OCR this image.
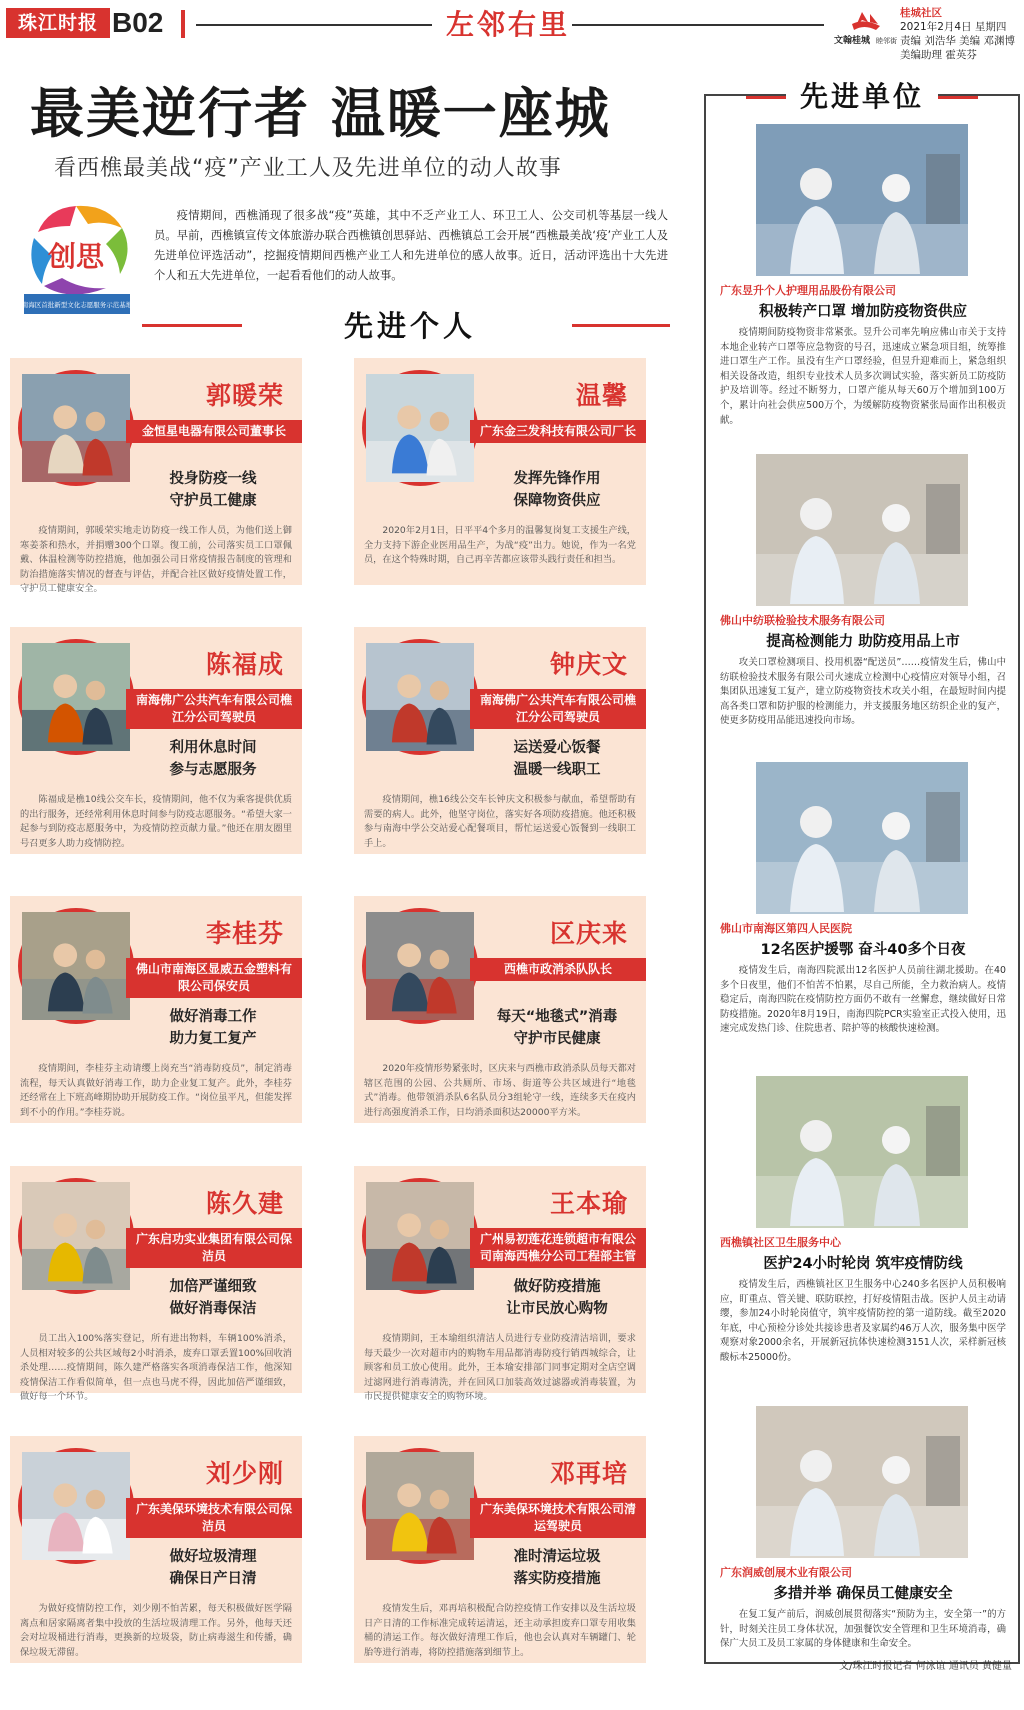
珠江时报 B02	左邻右里	文翰桂城 睦邻街
桂城社区
2021年2月4日 星期四
责编 刘浩华 美编 邓渊博
美编助理 霍英芬
最美逆行者 温暖一座城
看西樵最美战“疫”产业工人及先进单位的动人故事
创思
南海区首批新型文化志愿服务示范基地

疫情期间，西樵涌现了很多战“疫”英雄，其中不乏产业工人、环卫工人、公交司机等基层一线人员。早前，西樵镇宣传文体旅游办联合西樵镇创思驿站、西樵镇总工会开展“西樵最美战‘疫’产业工人及先进单位评选活动”，挖掘疫情期间西樵产业工人和先进单位的感人故事。近日，活动评选出十大先进个人和五大先进单位，一起看看他们的动人故事。

先进个人
郭暖荣
金恒星电器有限公司董事长
投身防疫一线
守护员工健康

疫情期间，郭暖荣实地走访防疫一线工作人员，为他们送上御寒姜茶和热水，并捐赠300个口罩。復工前，公司落实员工口罩佩戴、体温检测等防控措施，他加强公司日常疫情报告制度的管理和防治措施落实情况的督查与评估，并配合社区做好疫情处置工作，守护员工健康安全。

温馨
广东金三发科技有限公司厂长
发挥先锋作用
保障物资供应

2020年2月1日，日平平4个多月的温馨复岗复工支援生产线，全力支持下游企业医用品生产，为战“疫”出力。她说，作为一名党员，在这个特殊时期，自己再辛苦都应该带头践行责任和担当。

陈福成
南海佛广公共汽车有限公司樵江分公司驾驶员
利用休息时间
参与志愿服务

陈福成是樵10线公交车长，疫情期间，他不仅为乘客提供优质的出行服务，还经常利用休息时间参与防疫志愿服务。“希望大家一起参与到防疫志愿服务中，为疫情防控贡献力量。”他还在朋友圈里号召更多人助力疫情防控。

钟庆文
南海佛广公共汽车有限公司樵江分公司驾驶员
运送爱心饭餐
温暖一线职工

疫情期间，樵16线公交车长钟庆文积极参与献血，希望帮助有需要的病人。此外，他坚守岗位，落实好各项防疫措施。他还积极参与南海中学公交站爱心配餐项目，帮忙运送爱心饭餐到一线职工手上。

李桂芬
佛山市南海区显威五金塑料有限公司保安员
做好消毒工作
助力复工复产

疫情期间，李桂芬主动请缨上岗充当“消毒防疫员”，制定消毒流程，每天认真做好消毒工作，助力企业复工复产。此外，李桂芬还经常在上下班高峰期协助开展防疫工作。“岗位虽平凡，但能发挥到不小的作用。”李桂芬说。

区庆来
西樵市政消杀队队长
每天“地毯式”消毒
守护市民健康

2020年疫情形势紧张时，区庆来与西樵市政消杀队员每天都对辖区范围的公园、公共厕所、市场、街道等公共区域进行“地毯式”消毒。他带领消杀队6名队员分3组轮守一线，连续多天在疫内进行高强度消杀工作，日均消杀面积达20000平方米。

陈久建
广东启功实业集团有限公司保洁员
加倍严谨细致
做好消毒保洁

员工出入100%落实登记，所有进出物料，车辆100%消杀，人员相对较多的公共区域每2小时消杀，废弃口罩丢置100%回收消杀处理……疫情期间，陈久建严格落实各项消毒保洁工作，他深知疫情保洁工作看似简单，但一点也马虎不得，因此加倍严谨细致，做好每一个环节。

王本瑜
广州易初莲花连锁超市有限公司南海西樵分公司工程部主管
做好防疫措施
让市民放心购物

疫情期间，王本瑜组织清洁人员进行专业防疫清洁培训，要求每天最少一次对超市内的购物车用品都消毒防疫行销西城综合，让顾客和员工放心使用。此外，王本瑜安排部门同事定期对全店空调过滤网进行消毒清洗，并在回风口加装高效过滤器或消毒装置，为市民提供健康安全的购物环境。

刘少刚
广东美保环境技术有限公司保洁员
做好垃圾清理
确保日产日清

为做好疫情防控工作，刘少刚不怕苦累，每天积极做好医学隔离点和居家隔离者集中投放的生活垃圾清理工作。另外，他每天还会对垃圾桶进行消毒，更换新的垃圾袋，防止病毒滋生和传播，确保垃圾无滞留。

邓再培
广东美保环境技术有限公司清运驾驶员
准时清运垃圾
落实防疫措施

疫情发生后，邓再培积极配合防控疫情工作安排以及生活垃圾日产日清的工作标准完成转运清运，还主动承担废弃口罩专用收集桶的清运工作。每次做好清理工作后，他也会认真对车辆罐门、轮胎等进行消毒，将防控措施落到细节上。

先进单位
广东昱升个人护理用品股份有限公司
积极转产口罩 增加防疫物资供应

疫情期间防疫物资非常紧张。昱升公司率先响应佛山市关于支持本地企业转产口罩等应急物资的号召，迅速成立紧急项目组，统筹推进口罩生产工作。虽没有生产口罩经验，但昱升迎难而上，紧急组织相关设备改造，组织专业技术人员多次调试实验，落实新员工防疫防护及培训等。经过不断努力，口罩产能从每天60万个增加到100万个，累计向社会供应500万个，为缓解防疫物资紧张局面作出积极贡献。

佛山中纺联检验技术服务有限公司
提高检测能力 助防疫用品上市

攻关口罩检测项目、投用机器“配送员”……疫情发生后，佛山中纺联检验技术服务有限公司火速成立检测中心疫情应对领导小组，召集团队迅速复工复产，建立防疫物资技术攻关小组，在最短时间内提高各类口罩和防护服的检测能力，并支援服务地区纺织企业的复产，使更多防疫用品能迅速投向市场。

佛山市南海区第四人民医院
12名医护援鄂 奋斗40多个日夜

疫情发生后，南海四院派出12名医护人员前往湖北援助。在40多个日夜里，他们不怕苦不怕累，尽自己所能，全力救治病人。疫情稳定后，南海四院在疫情防控方面仍不敢有一丝懈怠，继续做好日常防疫措施。2020年8月19日，南海四院PCR实验室正式投入使用，迅速完成发热门诊、住院患者、陪护等的核酸快速检测。

西樵镇社区卫生服务中心
医护24小时轮岗 筑牢疫情防线

疫情发生后，西樵镇社区卫生服务中心240多名医护人员积极响应，盯重点、管关键、联防联控，打好疫情阻击战。医护人员主动请缨，参加24小时轮岗值守，筑牢疫情防控的第一道防线。截至2020年底，中心预检分诊处共接诊患者及家属约46万人次，服务集中医学观察对象2000余名，开展新冠抗体快速检测3151人次，采样新冠核酸标本25000份。

广东润威创展木业有限公司
多措并举 确保员工健康安全

在复工复产前后，润威创展贯彻落实“预防为主，安全第一”的方针，时刻关注员工身体状况，加强餐饮安全管理和卫生环境消毒，确保广大员工及员工家属的身体健康和生命安全。

文/珠江时报记者 何泳谊 通讯员 黄健量
